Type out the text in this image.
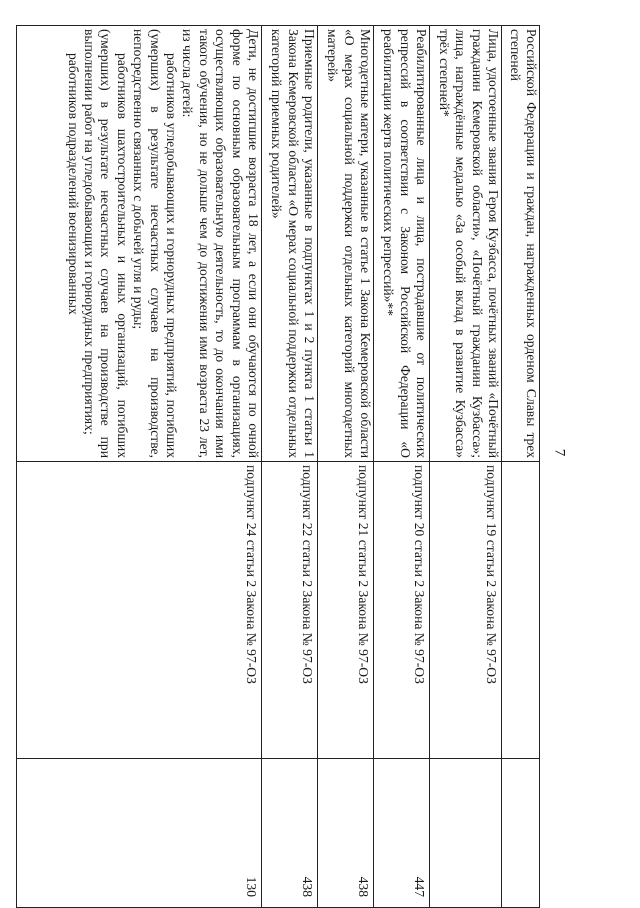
7

Российской Федерации и граждан, награжденных орденом Славы трех степеней		

Лица, удостоенные звания Героя Кузбасса, почётных званий «Почётный гражданин Кемеровской области», «Почётный гражданин Кузбасса»; лица, награждённые медалью «За особый вклад в развитие Кузбасса» трёх степеней*	подпункт 19 статьи 2 Закона № 97-ОЗ	

Реабилитированные лица и лица, пострадавшие от политических репрессий в соответствии с Законом Российской Федерации «О реабилитации жертв политических репрессий»**	подпункт 20 статьи 2 Закона № 97-ОЗ	447

Многодетные матери, указанные в статье 1 Закона Кемеровской области «О мерах социальной поддержки отдельных категорий многодетных матерей»	подпункт 21 статьи 2 Закона № 97-ОЗ	438

Приемные родители, указанные в подпунктах 1 и 2 пункта 1 статьи 1 Закона Кемеровской области «О мерах социальной поддержки отдельных категорий приемных родителей»	подпункт 22 статьи 2 Закона № 97-ОЗ	438

Дети, не достигшие возраста 18 лет, а если они обучаются по очной форме по основным образовательным программам в организациях, осуществляющих образовательную деятельность, то до окончания ими такого обучения, но не дольше чем до достижения ими возраста 23 лет, из числа детей:

работников угледобывающих и горнорудных предприятий, погибших (умерших) в результате несчастных случаев на производстве, непосредственно связанных с добычей угля и руды;

работников шахтостроительных и иных организаций, погибших (умерших) в результате несчастных случаев на производстве при выполнении работ на угледобывающих и горнорудных предприятиях;

работников подразделений военизированных	подпункт 24 статьи 2 Закона № 97-ОЗ	130
